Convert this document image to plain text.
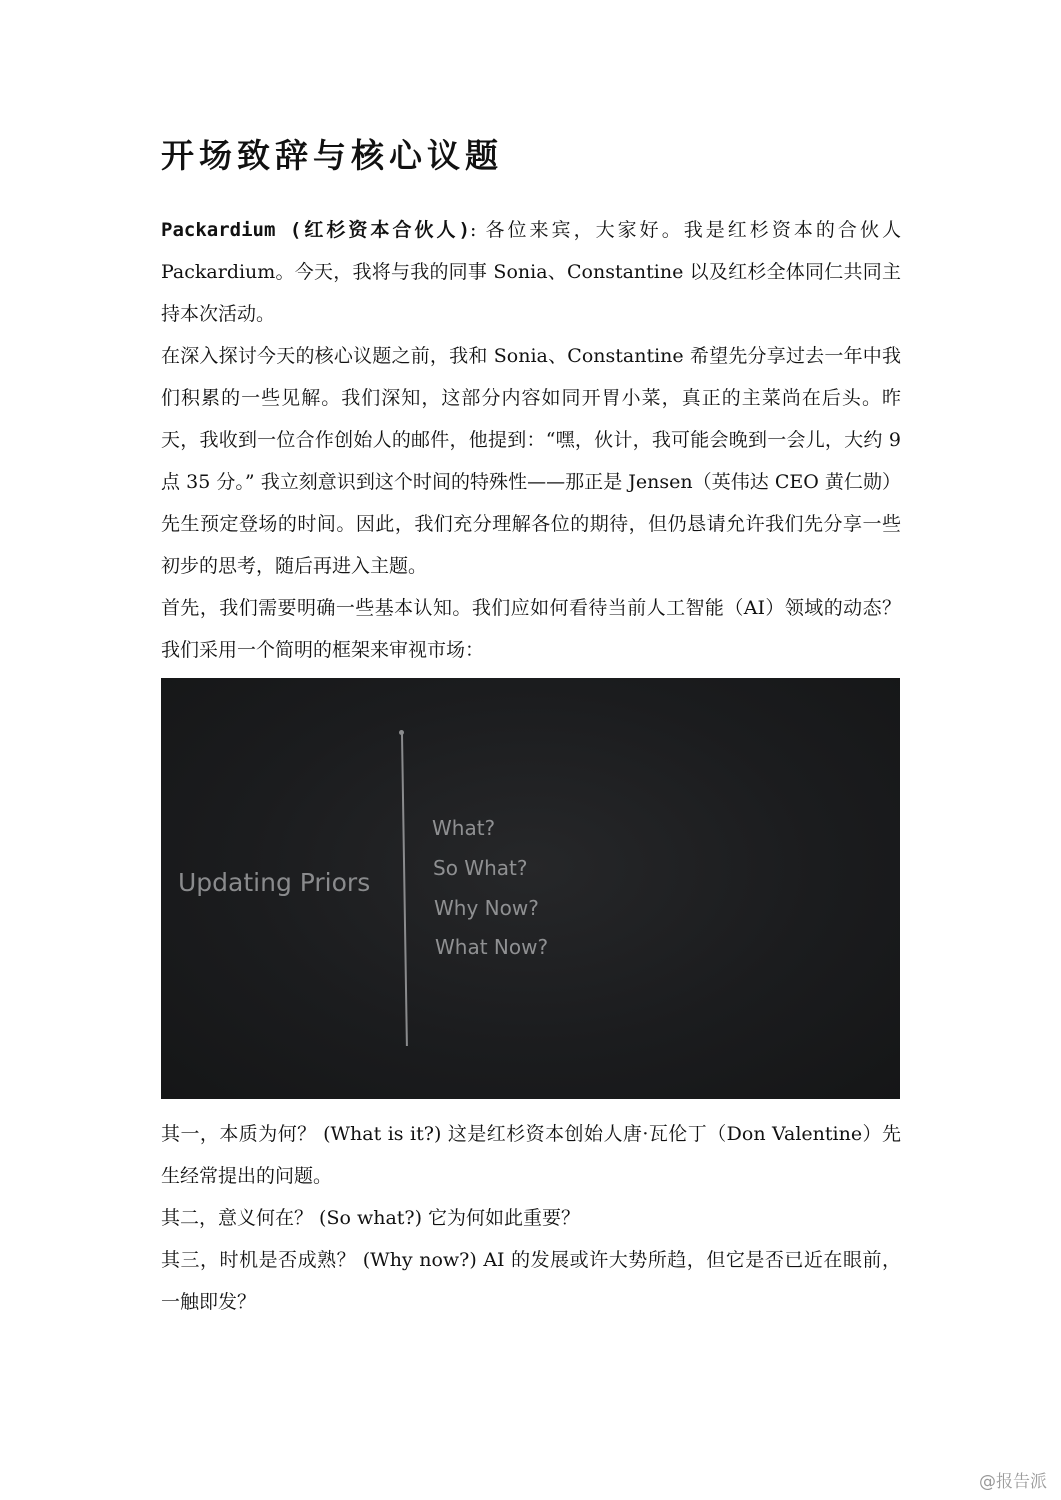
开场致辞与核心议题

Packardium (红杉资本合伙人): 各位来宾，大家好。我是红杉资本的合伙人 Packardium。今天，我将与我的同事 Sonia、Constantine 以及红杉全体同仁共同主持本次活动。

在深入探讨今天的核心议题之前，我和 Sonia、Constantine 希望先分享过去一年中我们积累的一些见解。我们深知，这部分内容如同开胃小菜，真正的主菜尚在后头。昨天，我收到一位合作创始人的邮件，他提到：“嘿，伙计，我可能会晚到一会儿，大约 9 点 35 分。” 我立刻意识到这个时间的特殊性——那正是 Jensen（英伟达 CEO 黄仁勋）先生预定登场的时间。因此，我们充分理解各位的期待，但仍恳请允许我们先分享一些初步的思考，随后再进入主题。

首先，我们需要明确一些基本认知。我们应如何看待当前人工智能（AI）领域的动态？我们采用一个简明的框架来审视市场：

Updating Priors
What?
So What?
Why Now?
What Now?

其一，本质为何？ (What is it?) 这是红杉资本创始人唐·瓦伦丁（Don Valentine）先生经常提出的问题。

其二，意义何在？ (So what?) 它为何如此重要？

其三，时机是否成熟？ (Why now?) AI 的发展或许大势所趋，但它是否已近在眼前，一触即发？

@报告派
